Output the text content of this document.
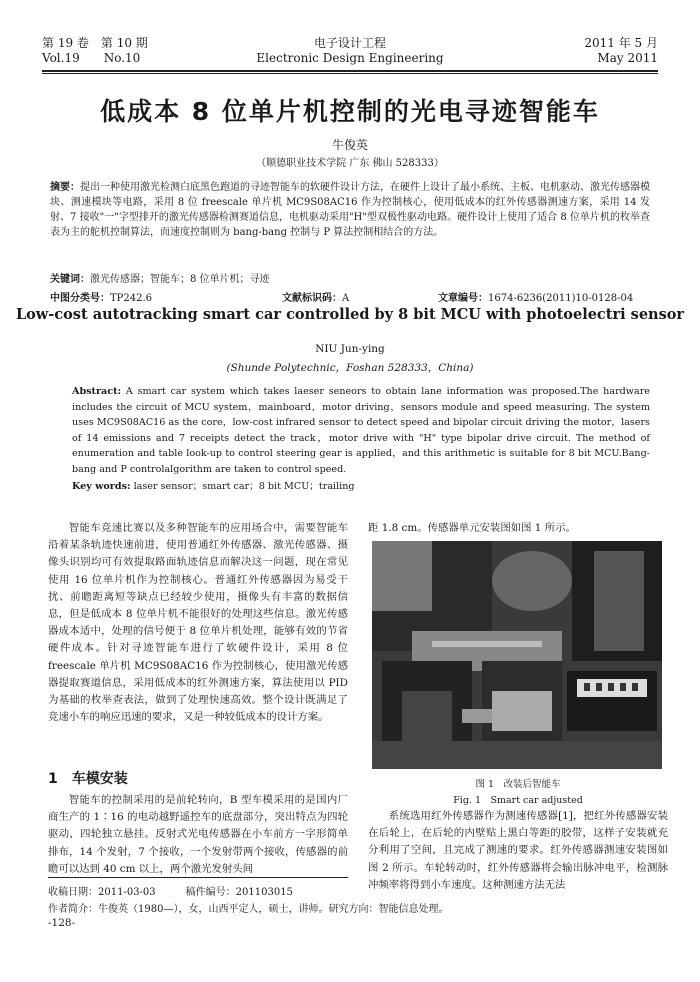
第 19 卷　第 10 期
Vol.19　　No.10
电子设计工程
Electronic Design Engineering
2011 年 5 月
May 2011
低成本 8 位单片机控制的光电寻迹智能车
牛俊英
（顺德职业技术学院 广东 佛山 528333）
摘要：提出一种使用激光检测白底黑色跑道的寻迹智能车的软硬件设计方法，在硬件上设计了最小系统、主板、电机驱动、激光传感器模块、测速模块等电路，采用 8 位 freescale 单片机 MC9S08AC16 作为控制核心，使用低成本的红外传感器测速方案，采用 14 发射、7 接收"一"字型排开的激光传感器检测赛道信息，电机驱动采用"H"型双极性驱动电路。硬件设计上使用了适合 8 位单片机的枚举查表为主的舵机控制算法，而速度控制则为 bang-bang 控制与 P 算法控制相结合的方法。
关键词：激光传感器；智能车；8 位单片机；寻迹
中图分类号：TP242.6	文献标识码：A	文章编号：1674-6236(2011)10-0128-04
Low-cost autotracking smart car controlled by 8 bit MCU with photoelectri sensor
NIU Jun-ying
(Shunde Polytechnic，Foshan 528333，China)
Abstract: A smart car system which takes laeser seneors to obtain lane information was proposed.The hardware includes the circuit of MCU system，mainboard，motor driving，sensors module and speed measuring. The system uses MC9S08AC16 as the core，low-cost infrared sensor to detect speed and bipolar circuit driving the motor，lasers of 14 emissions and 7 receipts detect the track，motor drive with "H" type bipolar drive circuit. The method of enumeration and table look-up to control steering gear is applied，and this arithmetic is suitable for 8 bit MCU.Bang-bang and P controlalgorithm are taken to control speed.
Key words: laser sensor；smart car；8 bit MCU；trailing
智能车竞速比赛以及多种智能车的应用场合中，需要智能车沿着某条轨迹快速前进，使用普通红外传感器、激光传感器、摄像头识别均可有效提取路面轨迹信息而解决这一问题，现在常见使用 16 位单片机作为控制核心。普通红外传感器因为易受干扰、前瞻距离短等缺点已经较少使用，摄像头有丰富的数据信息，但是低成本 8 位单片机不能很好的处理这些信息。激光传感器成本适中，处理的信号便于 8 位单片机处理，能够有效的节省硬件成本。针对寻迹智能车进行了软硬件设计，采用 8 位 freescale 单片机 MC9S08AC16 作为控制核心，使用激光传感器提取赛道信息，采用低成本的红外测速方案，算法使用以 PID 为基础的枚举查表法，做到了处理快速高效。整个设计既满足了竞速小车的响应迅速的要求，又是一种较低成本的设计方案。
1　车模安装
智能车的控制采用的是前轮转向，B 型车模采用的是国内厂商生产的 1∶16 的电动越野遥控车的底盘部分，突出特点为四轮驱动，四轮独立悬挂。反射式光电传感器在小车前方一字形简单排布，14 个发射，7 个接收，一个发射带两个接收，传感器的前瞻可以达到 40 cm 以上，两个激光发射头间
距 1.8 cm。传感器单元安装图如图 1 所示。
图 1　改装后智能车
Fig. 1　Smart car adjusted
系统选用红外传感器作为测速传感器[1]，把红外传感器安装在后轮上，在后轮的内壁贴上黑白等距的胶带，这样子安装就充分利用了空间，且完成了测速的要求。红外传感器测速安装图如图 2 所示。车轮转动时，红外传感器将会输出脉冲电平，检测脉冲频率将得到小车速度。这种测速方法无法
收稿日期：2011-03-03　　　稿件编号：201103015
作者简介：牛俊英（1980—），女，山西平定人，硕士，讲师。研究方向：智能信息处理。
-128-
